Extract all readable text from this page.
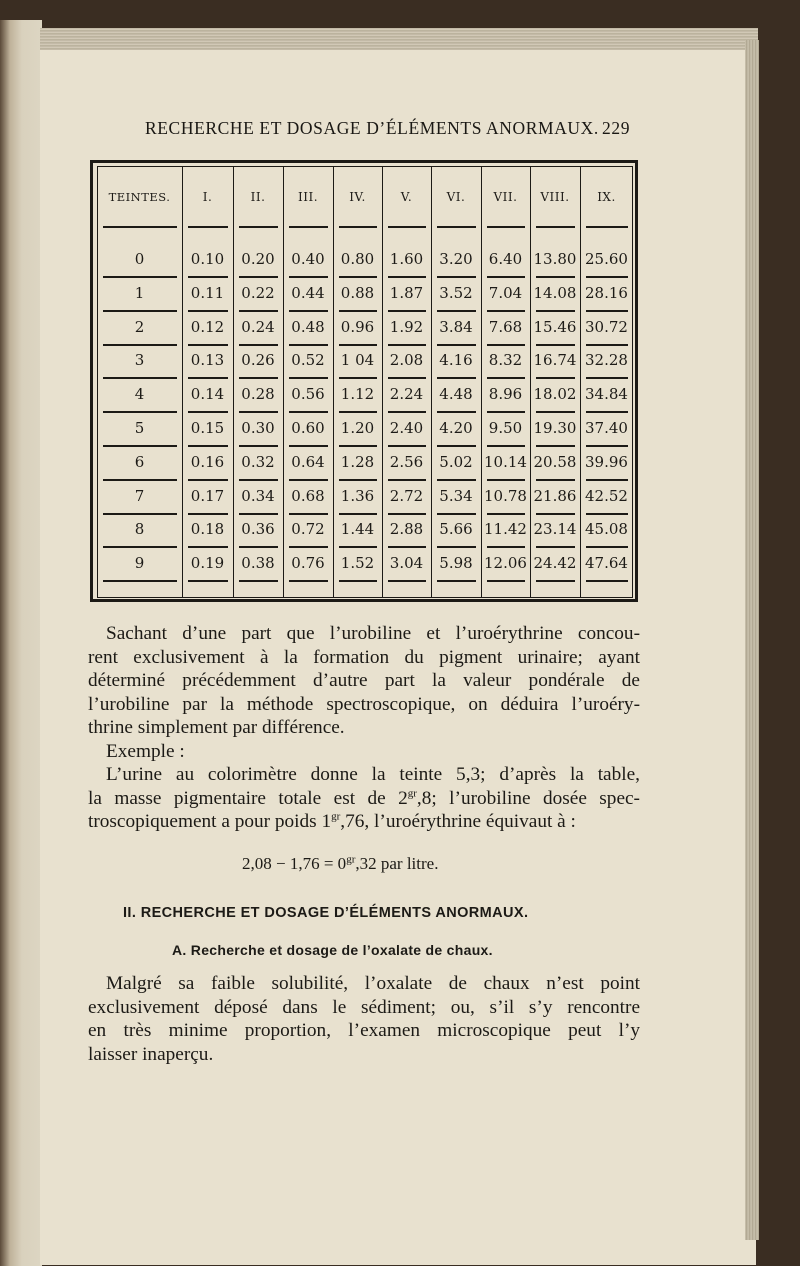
RECHERCHE ET DOSAGE D’ÉLÉMENTS ANORMAUX. 229
TEINTES.	I.	II.	III.	IV.	V.	VI.	VII.	VIII.	IX.
0	0.10	0.20	0.40	0.80	1.60	3.20	6.40 13.80 25.60
1	0.11	0.22	0.44	0.88	1.87	3.52	7.04 14.08 28.16
2	0.12	0.24	0.48	0.96	1.92	3.84	7.68 15.46 30.72
3	0.13	0.26	0.52	1 04	2.08	4.16	8.32 16.74 32.28
4	0.14	0.28	0.56	1.12	2.24	4.48	8.96 18.02 34.84
5	0.15	0.30	0.60	1.20	2.40	4.20	9.50 19.30 37.40
6	0.16	0.32	0.64	1.28	2.56	5.02 10.14 20.58 39.96
7	0.17	0.34	0.68	1.36	2.72	5.34 10.78 21.86 42.52
8	0.18	0.36	0.72	1.44	2.88	5.66 11.42 23.14 45.08
9	0.19	0.38	0.76	1.52	3.04	5.98 12.06 24.42 47.64
Sachant d’une part que l’urobiline et l’uroérythrine concou-
rent exclusivement à la formation du pigment urinaire; ayant
déterminé précédemment d’autre part la valeur pondérale de
l’urobiline par la méthode spectroscopique, on déduira l’uroéry-
thrine simplement par différence.
Exemple :
L’urine au colorimètre donne la teinte 5,3; d’après la table,
la masse pigmentaire totale est de $2^{gr},8$; l’urobiline dosée spec-
troscopiquement a pour poids $1^{gr},76$, l’uroérythrine équivaut à :
$2,08 - 1,76 = 0^{gr},32$ par litre.
II. RECHERCHE ET DOSAGE D’ÉLÉMENTS ANORMAUX.
A. Recherche et dosage de l’oxalate de chaux.
Malgré sa faible solubilité, l’oxalate de chaux n’est point
exclusivement déposé dans le sédiment; ou, s’il s’y rencontre
en très minime proportion, l’examen microscopique peut l’y
laisser inaperçu.
